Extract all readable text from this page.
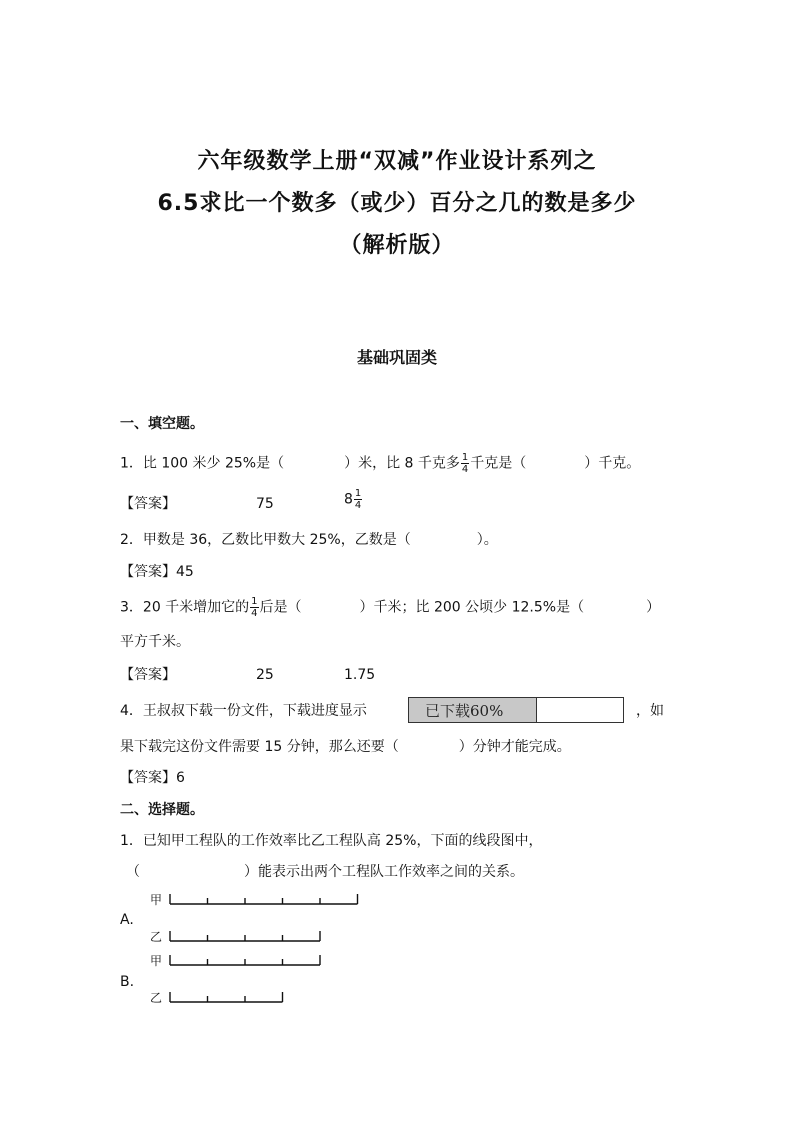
六年级数学上册“双减”作业设计系列之
6.5求比一个数多（或少）百分之几的数是多少
（解析版）
基础巩固类
一、填空题。
1．比 100 米少 25%是（	）米，比 8 千克多 $\frac{1}{4}$ 千克是（	）千克。
【答案】	75	$8 \frac{1}{4}$
2．甲数是 36，乙数比甲数大 25%，乙数是（	）。
【答案】45
3．20 千米增加它的 $\frac{1}{4}$ 后是（	）千米；比 200 公顷少 12.5%是（	）
平方千米。
【答案】	25	1.75
4．王叔叔下载一份文件，下载进度显示	已下载60%	，如
果下载完这份文件需要 15 分钟，那么还要（	）分钟才能完成。
【答案】6
二、选择题。
1．已知甲工程队的工作效率比乙工程队高 25%，下面的线段图中，
（	）能表示出两个工程队工作效率之间的关系。
甲
A.
乙
甲
B.
乙
